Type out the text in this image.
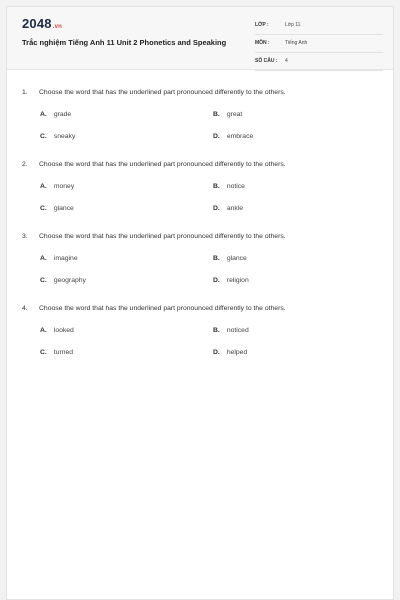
2048.vn
Trắc nghiệm Tiếng Anh 11 Unit 2 Phonetics and Speaking
LỚP :	Lớp 11
MÔN :	Tiếng Anh
SỐ CÂU : 4
1. Choose the word that has the underlined part pronounced differently to the others.
A. grade	B. great
C. sneaky	D. embrace
2. Choose the word that has the underlined part pronounced differently to the others.
A. money	B. notice
C. glance	D. ankle
3. Choose the word that has the underlined part pronounced differently to the others.
A. imagine	B. glance
C. geography	D. religion
4. Choose the word that has the underlined part pronounced differently to the others.
A. looked	B. noticed
C. turned	D. helped
